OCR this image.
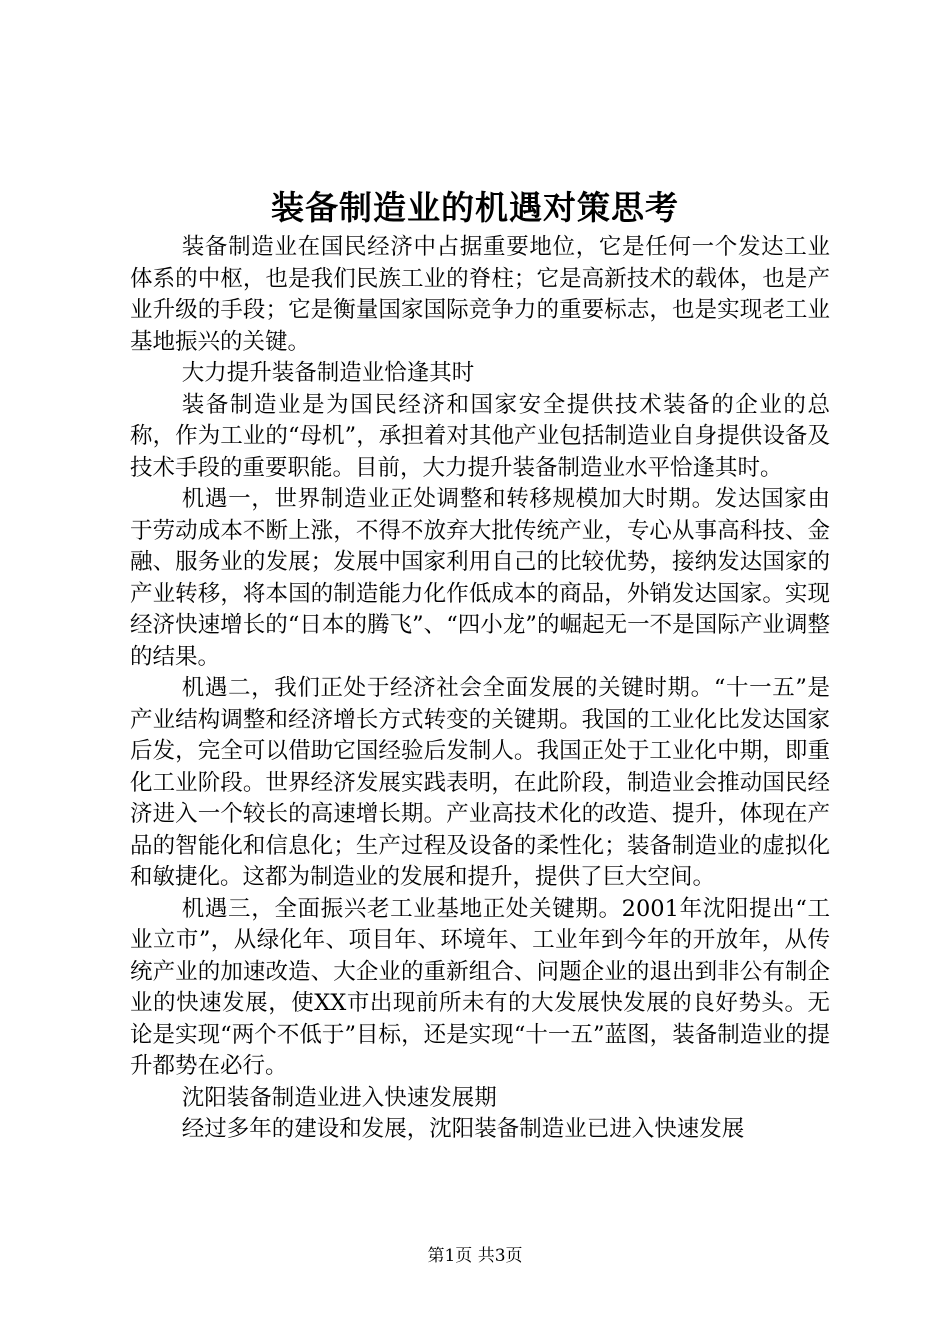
装备制造业的机遇对策思考

装备制造业在国民经济中占据重要地位，它是任何一个发达工业体系的中枢，也是我们民族工业的脊柱；它是高新技术的载体，也是产业升级的手段；它是衡量国家国际竞争力的重要标志，也是实现老工业基地振兴的关键。

大力提升装备制造业恰逢其时

装备制造业是为国民经济和国家安全提供技术装备的企业的总称，作为工业的“母机”，承担着对其他产业包括制造业自身提供设备及技术手段的重要职能。目前，大力提升装备制造业水平恰逢其时。

机遇一，世界制造业正处调整和转移规模加大时期。发达国家由于劳动成本不断上涨，不得不放弃大批传统产业，专心从事高科技、金融、服务业的发展；发展中国家利用自己的比较优势，接纳发达国家的产业转移，将本国的制造能力化作低成本的商品，外销发达国家。实现经济快速增长的“日本的腾飞”、“四小龙”的崛起无一不是国际产业调整的结果。

机遇二，我们正处于经济社会全面发展的关键时期。“十一五”是产业结构调整和经济增长方式转变的关键期。我国的工业化比发达国家后发，完全可以借助它国经验后发制人。我国正处于工业化中期，即重化工业阶段。世界经济发展实践表明，在此阶段，制造业会推动国民经济进入一个较长的高速增长期。产业高技术化的改造、提升，体现在产品的智能化和信息化；生产过程及设备的柔性化；装备制造业的虚拟化和敏捷化。这都为制造业的发展和提升，提供了巨大空间。

机遇三，全面振兴老工业基地正处关键期。2001年沈阳提出“工业立市”，从绿化年、项目年、环境年、工业年到今年的开放年，从传统产业的加速改造、大企业的重新组合、问题企业的退出到非公有制企业的快速发展，使XX市出现前所未有的大发展快发展的良好势头。无论是实现“两个不低于”目标，还是实现“十一五”蓝图，装备制造业的提升都势在必行。

沈阳装备制造业进入快速发展期

经过多年的建设和发展，沈阳装备制造业已进入快速发展

第1页 共3页
